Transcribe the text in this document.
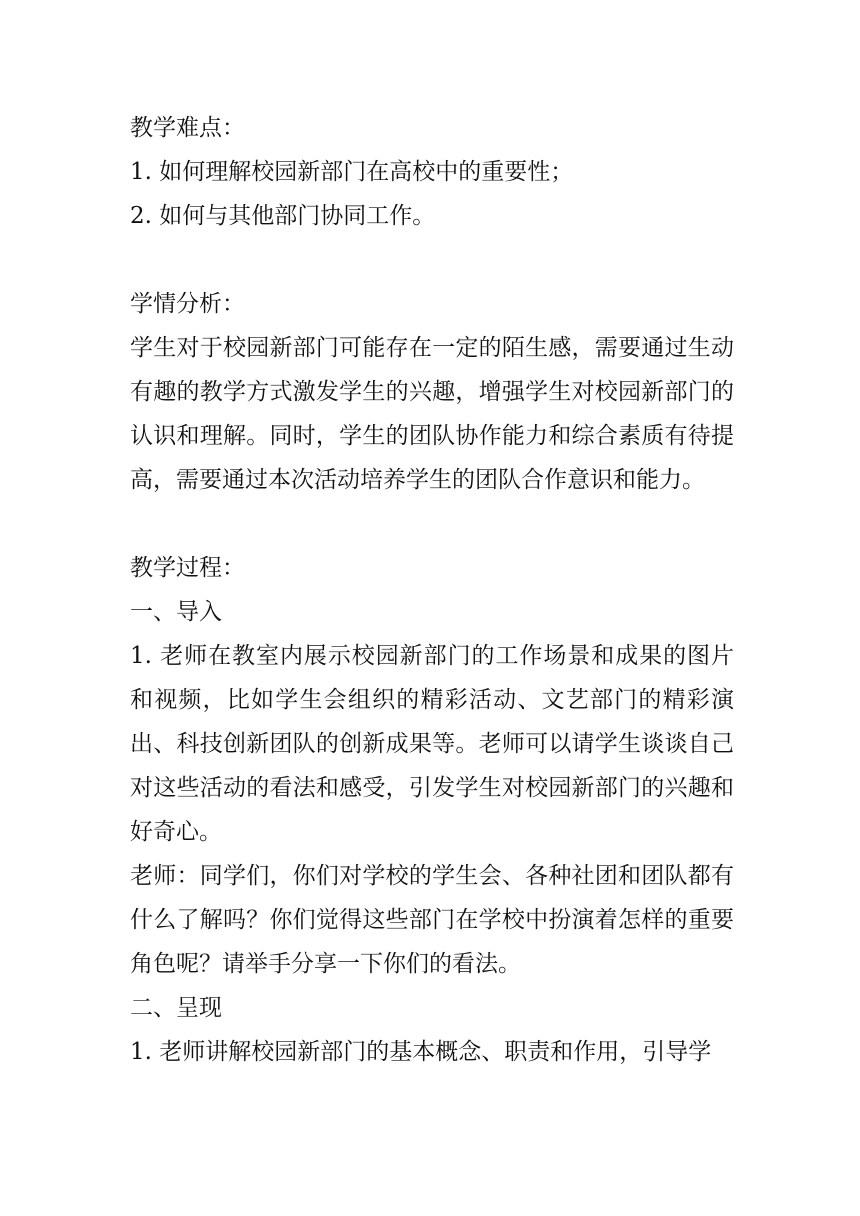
教学难点：

1. 如何理解校园新部门在高校中的重要性；

2. 如何与其他部门协同工作。

学情分析：

学生对于校园新部门可能存在一定的陌生感，需要通过生动有趣的教学方式激发学生的兴趣，增强学生对校园新部门的认识和理解。同时，学生的团队协作能力和综合素质有待提高，需要通过本次活动培养学生的团队合作意识和能力。

教学过程：

一、导入

1. 老师在教室内展示校园新部门的工作场景和成果的图片和视频，比如学生会组织的精彩活动、文艺部门的精彩演出、科技创新团队的创新成果等。老师可以请学生谈谈自己对这些活动的看法和感受，引发学生对校园新部门的兴趣和好奇心。

老师：同学们，你们对学校的学生会、各种社团和团队都有什么了解吗？你们觉得这些部门在学校中扮演着怎样的重要角色呢？请举手分享一下你们的看法。

二、呈现

1. 老师讲解校园新部门的基本概念、职责和作用，引导学
